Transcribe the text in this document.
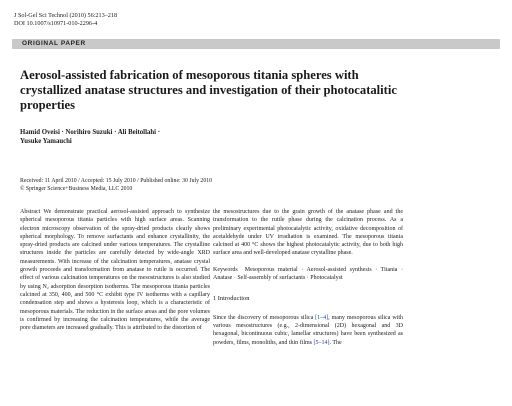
J Sol-Gel Sci Technol (2010) 56:213–218
DOI 10.1007/s10971-010-2296-4
ORIGINAL PAPER
Aerosol-assisted fabrication of mesoporous titania spheres with crystallized anatase structures and investigation of their photocatalitic properties
Hamid Oveisi · Norihiro Suzuki · Ali Beitollahi ·
Yusuke Yamauchi
Received: 11 April 2010 / Accepted: 15 July 2010 / Published online: 30 July 2010
© Springer Science+Business Media, LLC 2010

Abstract We demonstrate practical aerosol-assisted approach to synthesize spherical mesoporous titania particles with high surface areas. Scanning electron microscopy observation of the spray-dried products clearly shows spherical morphology. To remove surfactants and enhance crystallinity, the spray-dried products are calcined under various temperatures. The crystalline structures inside the particles are carefully detected by wide-angle XRD measurements. With increase of the calcination temperatures, anatase crystal growth proceeds and transformation from anatase to rutile is occurred. The effect of various calcination temperatures on the mesostructures is also studied by using N₂ adsorption desorption isotherms. The mesoporous titania particles calcined at 350, 400, and 500 °C exhibit type IV isotherms with a capillary condensation step and shows a hysteresis loop, which is a characteristic of mesoporous materials. The reduction in the surface areas and the pore volumes is confirmed by increasing the calcination temperatures, while the average pore diameters are increased gradually. This is attributed to the distortion of

the mesostructures due to the grain growth of the anatase phase and the transformation to the rutile phase during the calcination process. As a preliminary experimental photocatalytic activity, oxidative decomposition of acetaldehyde under UV irradiation is examined. The mesoporous titania calcined at 400 °C shows the highest photocatalytic activity, due to both high surface area and well-developed anatase crystalline phase.

Keywords Mesoporous material · Aerosol-assisted synthesis · Titania · Anatase · Self-assembly of surfactants · Photocatalyst

1 Introduction

Since the discovery of mesoporous silica [1–4], many mesoporous silica with various mesostructures (e.g., 2-dimensional (2D) hexagonal and 3D hexagonal, bicontinuous cubic, lamellar structures) have been synthesized as powders, films, monoliths, and thin films [5–14]. The
